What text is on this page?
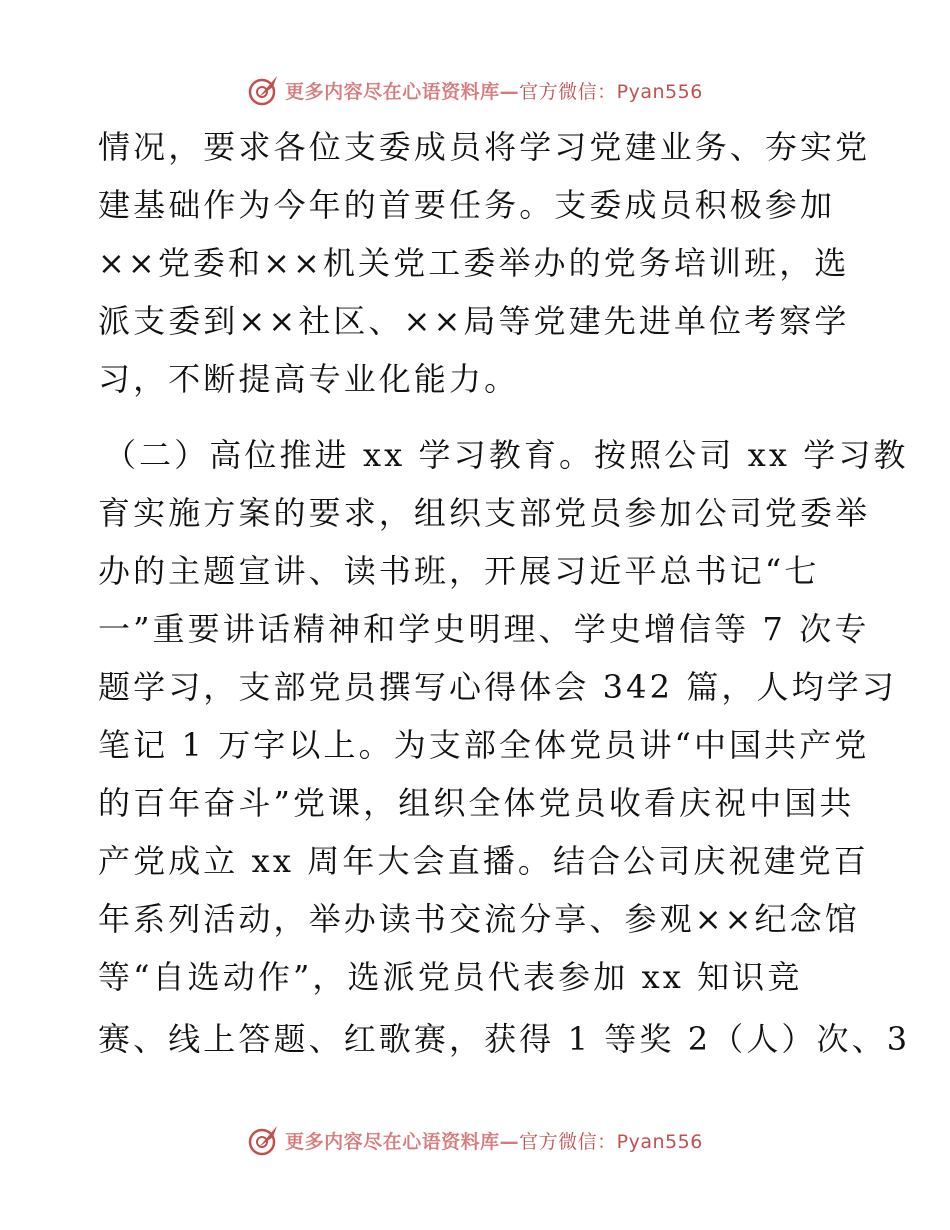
更多内容尽在心语资料库— 官方微信：Pyan556
情况，要求各位支委成员将学习党建业务、夯实党
建基础作为今年的首要任务。支委成员积极参加
××党委和××机关党工委举办的党务培训班，选
派支委到××社区、××局等党建先进单位考察学
习，不断提高专业化能力。
（二）高位推进 xx 学习教育。按照公司 xx 学习教
育实施方案的要求，组织支部党员参加公司党委举
办的主题宣讲、读书班，开展习近平总书记“七
一”重要讲话精神和学史明理、学史增信等 7 次专
题学习，支部党员撰写心得体会 342 篇，人均学习
笔记 1 万字以上。为支部全体党员讲“中国共产党
的百年奋斗”党课，组织全体党员收看庆祝中国共
产党成立 xx 周年大会直播。结合公司庆祝建党百
年系列活动，举办读书交流分享、参观××纪念馆
等“自选动作”，选派党员代表参加 xx 知识竞
赛、线上答题、红歌赛，获得 1 等奖 2（人）次、3
更多内容尽在心语资料库— 官方微信：Pyan556
